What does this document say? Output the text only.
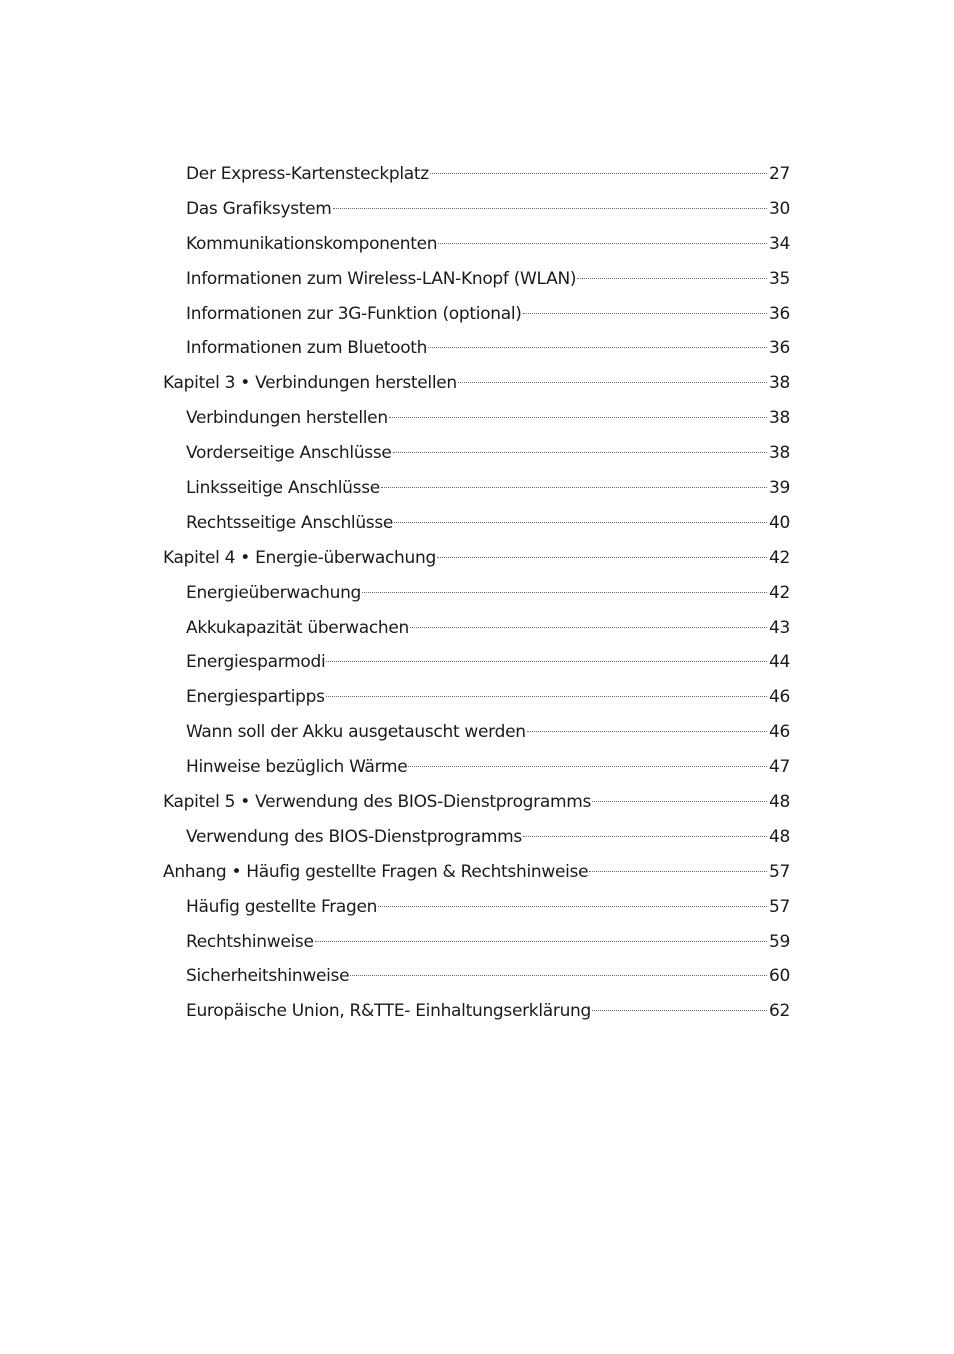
Der Express-Kartensteckplatz	27
Das Grafiksystem	30
Kommunikationskomponenten	34
Informationen zum Wireless-LAN-Knopf (WLAN)	35
Informationen zur 3G-Funktion (optional)	36
Informationen zum Bluetooth	36
Kapitel 3 • Verbindungen herstellen	38
Verbindungen herstellen	38
Vorderseitige Anschlüsse	38
Linksseitige Anschlüsse	39
Rechtsseitige Anschlüsse	40
Kapitel 4 • Energie-überwachung	42
Energieüberwachung	42
Akkukapazität überwachen	43
Energiesparmodi	44
Energiespartipps	46
Wann soll der Akku ausgetauscht werden	46
Hinweise bezüglich Wärme	47
Kapitel 5 • Verwendung des BIOS-Dienstprogramms	48
Verwendung des BIOS-Dienstprogramms	48
Anhang • Häufig gestellte Fragen & Rechtshinweise	57
Häufig gestellte Fragen	57
Rechtshinweise	59
Sicherheitshinweise	60
Europäische Union, R&TTE- Einhaltungserklärung	62
